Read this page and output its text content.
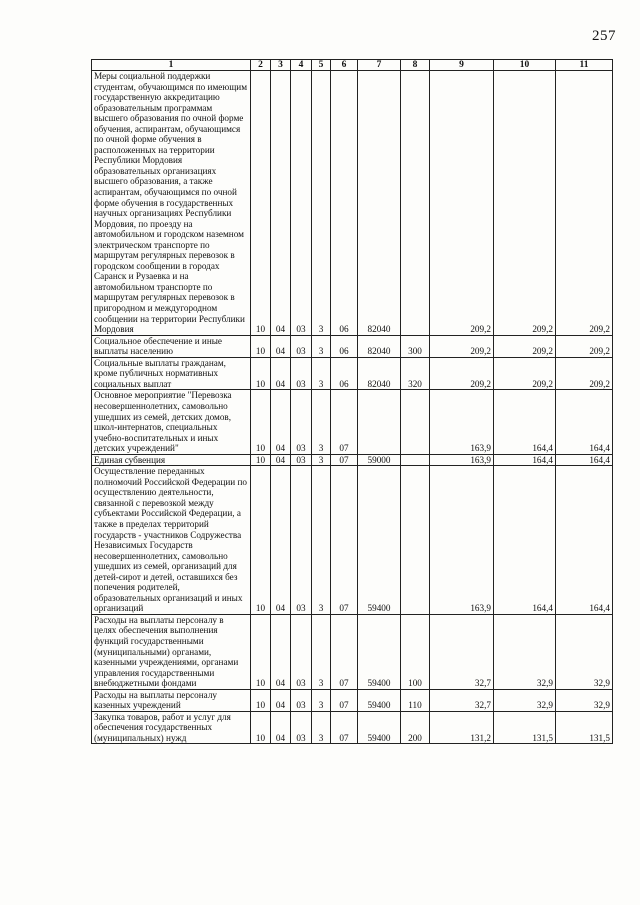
257
1	2	3	4	5	6	7	8	9	10	11
Меры социальной поддержки студентам, обучающимся по имеющим государственную аккредитацию образовательным программам высшего образования по очной форме обучения, аспирантам, обучающимся по очной форме обучения в расположенных на территории Республики Мордовия образовательных организациях высшего образования, а также аспирантам, обучающимся по очной форме обучения в государственных научных организациях Республики Мордовия, по проезду на автомобильном и городском наземном электрическом транспорте по маршрутам регулярных перевозок в городском сообщении в городах Саранск и Рузаевка и на автомобильном транспорте по маршрутам регулярных перевозок в пригородном и междугородном сообщении на территории Республики Мордовия	10	04	03	3	06	82040		209,2	209,2	209,2
Социальное обеспечение и иные выплаты населению	10	04	03	3	06	82040	300	209,2	209,2	209,2
Социальные выплаты гражданам, кроме публичных нормативных социальных выплат	10	04	03	3	06	82040	320	209,2	209,2	209,2
Основное мероприятие "Перевозка несовершеннолетних, самовольно ушедших из семей, детских домов, школ-интернатов, специальных учебно-воспитательных и иных детских учреждений"	10	04	03	3	07			163,9	164,4	164,4
Единая субвенция	10	04	03	3	07	59000		163,9	164,4	164,4
Осуществление переданных полномочий Российской Федерации по осуществлению деятельности, связанной с перевозкой между субъектами Российской Федерации, а также в пределах территорий государств - участников Содружества Независимых Государств несовершеннолетних, самовольно ушедших из семей, организаций для детей-сирот и детей, оставшихся без попечения родителей, образовательных организаций и иных организаций	10	04	03	3	07	59400		163,9	164,4	164,4
Расходы на выплаты персоналу в целях обеспечения выполнения функций государственными (муниципальными) органами, казенными учреждениями, органами управления государственными внебюджетными фондами	10	04	03	3	07	59400	100	32,7	32,9	32,9
Расходы на выплаты персоналу казенных учреждений	10	04	03	3	07	59400	110	32,7	32,9	32,9
Закупка товаров, работ и услуг для обеспечения государственных (муниципальных) нужд	10	04	03	3	07	59400	200	131,2	131,5	131,5
